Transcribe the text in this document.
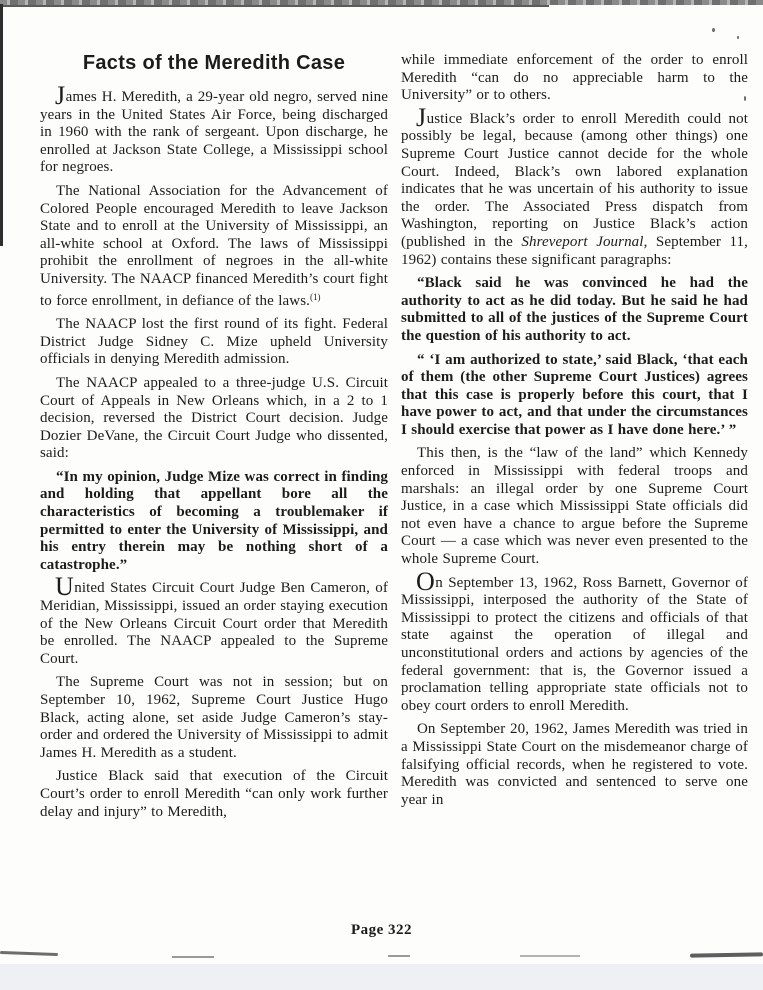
Facts of the Meredith Case

James H. Meredith, a 29-year old negro, served nine years in the United States Air Force, being discharged in 1960 with the rank of sergeant. Upon discharge, he enrolled at Jackson State College, a Mississippi school for negroes.

The National Association for the Advancement of Colored People encouraged Meredith to leave Jackson State and to enroll at the University of Mississippi, an all-white school at Oxford. The laws of Mississippi prohibit the enrollment of negroes in the all-white University. The NAACP financed Meredith’s court fight to force enrollment, in defiance of the laws.$^{(1)}$

The NAACP lost the first round of its fight. Federal District Judge Sidney C. Mize upheld University officials in denying Meredith admission.

The NAACP appealed to a three-judge U.S. Circuit Court of Appeals in New Orleans which, in a 2 to 1 decision, reversed the District Court decision. Judge Dozier DeVane, the Circuit Court Judge who dissented, said:

“In my opinion, Judge Mize was correct in finding and holding that appellant bore all the characteristics of becoming a troublemaker if permitted to enter the University of Mississippi, and his entry therein may be nothing short of a catastrophe.”

United States Circuit Court Judge Ben Cameron, of Meridian, Mississippi, issued an order staying execution of the New Orleans Circuit Court order that Meredith be enrolled. The NAACP appealed to the Supreme Court.

The Supreme Court was not in session; but on September 10, 1962, Supreme Court Justice Hugo Black, acting alone, set aside Judge Cameron’s stay-order and ordered the University of Mississippi to admit James H. Meredith as a student.

Justice Black said that execution of the Circuit Court’s order to enroll Meredith “can only work further delay and injury” to Meredith,

while immediate enforcement of the order to enroll Meredith “can do no appreciable harm to the University” or to others.

Justice Black’s order to enroll Meredith could not possibly be legal, because (among other things) one Supreme Court Justice cannot decide for the whole Court. Indeed, Black’s own labored explanation indicates that he was uncertain of his authority to issue the order. The Associated Press dispatch from Washington, reporting on Justice Black’s action (published in the Shreveport Journal, September 11, 1962) contains these significant paragraphs:

“Black said he was convinced he had the authority to act as he did today. But he said he had submitted to all of the justices of the Supreme Court the question of his authority to act.

“ ‘I am authorized to state,’ said Black, ‘that each of them (the other Supreme Court Justices) agrees that this case is properly before this court, that I have power to act, and that under the circumstances I should exercise that power as I have done here.’ ”

This then, is the “law of the land” which Kennedy enforced in Mississippi with federal troops and marshals: an illegal order by one Supreme Court Justice, in a case which Mississippi State officials did not even have a chance to argue before the Supreme Court — a case which was never even presented to the whole Supreme Court.

On September 13, 1962, Ross Barnett, Governor of Mississippi, interposed the authority of the State of Mississippi to protect the citizens and officials of that state against the operation of illegal and unconstitutional orders and actions by agencies of the federal government: that is, the Governor issued a proclamation telling appropriate state officials not to obey court orders to enroll Meredith.

On September 20, 1962, James Meredith was tried in a Mississippi State Court on the misdemeanor charge of falsifying official records, when he registered to vote. Meredith was convicted and sentenced to serve one year in

Page 322
